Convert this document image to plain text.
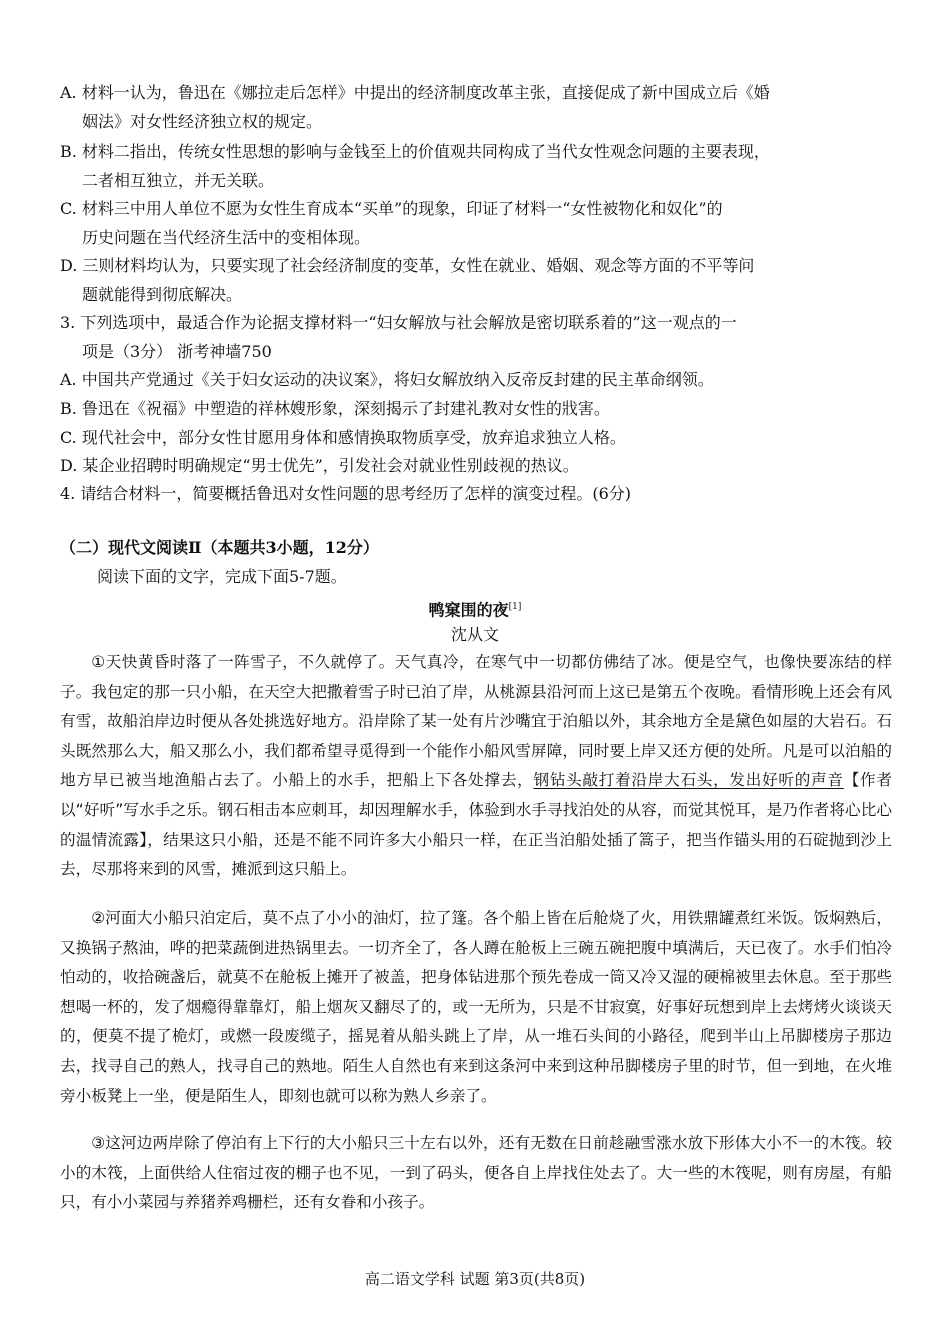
A. 材料一认为，鲁迅在《娜拉走后怎样》中提出的经济制度改革主张，直接促成了新中国成立后《婚
姻法》对女性经济独立权的规定。

B. 材料二指出，传统女性思想的影响与金钱至上的价值观共同构成了当代女性观念问题的主要表现，
二者相互独立，并无关联。

C. 材料三中用人单位不愿为女性生育成本“买单”的现象，印证了材料一“女性被物化和奴化”的
历史问题在当代经济生活中的变相体现。

D. 三则材料均认为，只要实现了社会经济制度的变革，女性在就业、婚姻、观念等方面的不平等问
题就能得到彻底解决。

3. 下列选项中，最适合作为论据支撑材料一“妇女解放与社会解放是密切联系着的”这一观点的一
项是（3分） 浙考神墙750

A. 中国共产党通过《关于妇女运动的决议案》，将妇女解放纳入反帝反封建的民主革命纲领。

B. 鲁迅在《祝福》中塑造的祥林嫂形象，深刻揭示了封建礼教对女性的戕害。

C. 现代社会中，部分女性甘愿用身体和感情换取物质享受，放弃追求独立人格。

D. 某企业招聘时明确规定“男士优先”，引发社会对就业性别歧视的热议。

4. 请结合材料一，简要概括鲁迅对女性问题的思考经历了怎样的演变过程。(6分)

（二）现代文阅读Ⅱ（本题共3小题，12分）
阅读下面的文字，完成下面5-7题。
鸭窠围的夜[1]
沈从文

①天快黄昏时落了一阵雪子，不久就停了。天气真冷，在寒气中一切都仿佛结了冰。便是空气，也像快要冻结的样子。我包定的那一只小船，在天空大把撒着雪子时已泊了岸，从桃源县沿河而上这已是第五个夜晚。看情形晚上还会有风有雪，故船泊岸边时便从各处挑选好地方。沿岸除了某一处有片沙嘴宜于泊船以外，其余地方全是黛色如屋的大岩石。石头既然那么大，船又那么小，我们都希望寻觅得到一个能作小船风雪屏障，同时要上岸又还方便的处所。凡是可以泊船的地方早已被当地渔船占去了。小船上的水手，把船上下各处撑去，钢钻头敲打着沿岸大石头，发出好听的声音【作者以“好听”写水手之乐。钢石相击本应刺耳，却因理解水手，体验到水手寻找泊处的从容，而觉其悦耳，是乃作者将心比心的温情流露】，结果这只小船，还是不能不同许多大小船只一样，在正当泊船处插了篙子，把当作锚头用的石碇抛到沙上去，尽那将来到的风雪，摊派到这只船上。

②河面大小船只泊定后，莫不点了小小的油灯，拉了篷。各个船上皆在后舱烧了火，用铁鼎罐煮红米饭。饭焖熟后，又换锅子熬油，哗的把菜蔬倒进热锅里去。一切齐全了，各人蹲在舱板上三碗五碗把腹中填满后，天已夜了。水手们怕冷怕动的，收拾碗盏后，就莫不在舱板上摊开了被盖，把身体钻进那个预先卷成一筒又冷又湿的硬棉被里去休息。至于那些想喝一杯的，发了烟瘾得靠靠灯，船上烟灰又翻尽了的，或一无所为，只是不甘寂寞，好事好玩想到岸上去烤烤火谈谈天的，便莫不提了桅灯，或燃一段废缆子，摇晃着从船头跳上了岸，从一堆石头间的小路径，爬到半山上吊脚楼房子那边去，找寻自己的熟人，找寻自己的熟地。陌生人自然也有来到这条河中来到这种吊脚楼房子里的时节，但一到地，在火堆旁小板凳上一坐，便是陌生人，即刻也就可以称为熟人乡亲了。

③这河边两岸除了停泊有上下行的大小船只三十左右以外，还有无数在日前趁融雪涨水放下形体大小不一的木筏。较小的木筏，上面供给人住宿过夜的棚子也不见，一到了码头，便各自上岸找住处去了。大一些的木筏呢，则有房屋，有船只，有小小菜园与养猪养鸡栅栏，还有女眷和小孩子。

高二语文学科 试题 第3页(共8页)
